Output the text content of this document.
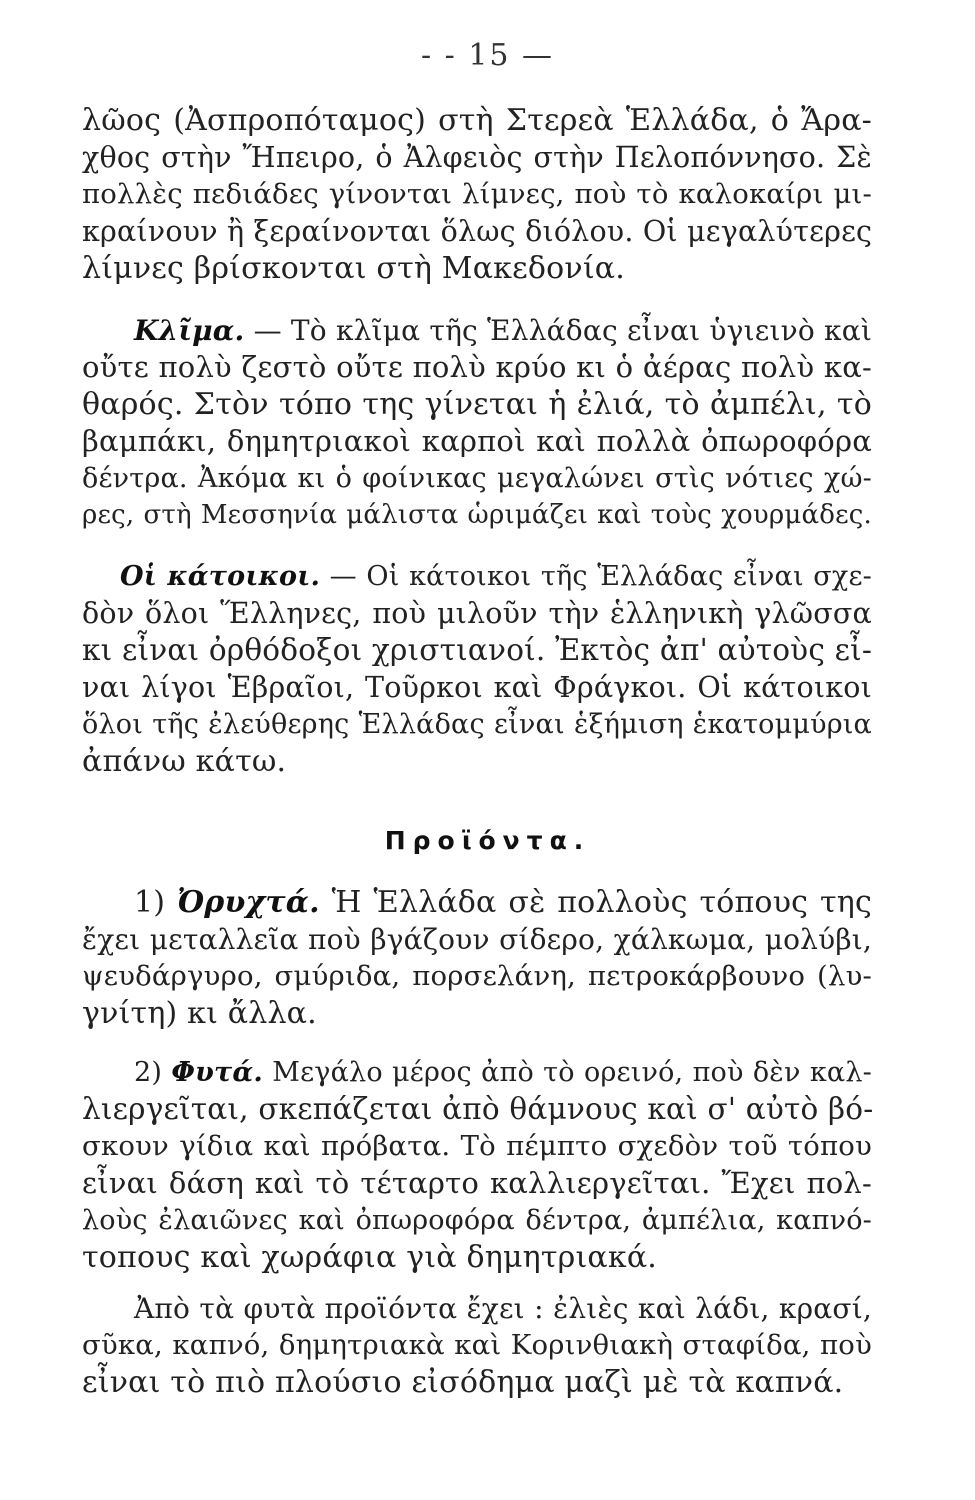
- - 15 —
λῶος (Ἀσπροπόταμος) στὴ Στερεὰ Ἑλλάδα, ὁ Ἄρα-
χθος στὴν Ἤπειρο, ὁ Ἀλφειὸς στὴν Πελοπόννησο. Σὲ
πολλὲς πεδιάδες γίνονται λίμνες, ποὺ τὸ καλοκαίρι μι-
κραίνουν ἢ ξεραίνονται ὅλως διόλου. Οἱ μεγαλύτερες
λίμνες βρίσκονται στὴ Μακεδονία.
Κλῖμα. — Τὸ κλῖμα τῆς Ἑλλάδας εἶναι ὑγιεινὸ καὶ
οὔτε πολὺ ζεστὸ οὔτε πολὺ κρύο κι ὁ ἀέρας πολὺ κα-
θαρός. Στὸν τόπο της γίνεται ἡ ἐλιά, τὸ ἀμπέλι, τὸ
βαμπάκι, δημητριακοὶ καρποὶ καὶ πολλὰ ὀπωροφόρα
δέντρα. Ἀκόμα κι ὁ φοίνικας μεγαλώνει στὶς νότιες χώ-
ρες, στὴ Μεσσηνία μάλιστα ὡριμάζει καὶ τοὺς χουρμάδες.
Οἱ κάτοικοι. — Οἱ κάτοικοι τῆς Ἑλλάδας εἶναι σχε-
δὸν ὅλοι Ἕλληνες, ποὺ μιλοῦν τὴν ἑλληνικὴ γλῶσσα
κι εἶναι ὀρθόδοξοι χριστιανοί. Ἐκτὸς ἀπ' αὐτοὺς εἶ-
ναι λίγοι Ἑβραῖοι, Τοῦρκοι καὶ Φράγκοι. Οἱ κάτοικοι
ὅλοι τῆς ἐλεύθερης Ἑλλάδας εἶναι ἑξήμιση ἑκατομμύρια
ἀπάνω κάτω.
Προϊόντα.
1) Ὀρυχτά. Ἡ Ἑλλάδα σὲ πολλοὺς τόπους της
ἔχει μεταλλεῖα ποὺ βγάζουν σίδερο, χάλκωμα, μολύβι,
ψευδάργυρο, σμύριδα, πορσελάνη, πετροκάρβουνο (λυ-
γνίτη) κι ἄλλα.
2) Φυτά. Μεγάλο μέρος ἀπὸ τὸ ορεινό, ποὺ δὲν καλ-
λιεργεῖται, σκεπάζεται ἀπὸ θάμνους καὶ σ' αὐτὸ βό-
σκουν γίδια καὶ πρόβατα. Τὸ πέμπτο σχεδὸν τοῦ τόπου
εἶναι δάση καὶ τὸ τέταρτο καλλιεργεῖται. Ἔχει πολ-
λοὺς ἐλαιῶνες καὶ ὀπωροφόρα δέντρα, ἀμπέλια, καπνό-
τοπους καὶ χωράφια γιὰ δημητριακά.
Ἀπὸ τὰ φυτὰ προϊόντα ἔχει : ἐλιὲς καὶ λάδι, κρασί,
σῦκα, καπνό, δημητριακὰ καὶ Κορινθιακὴ σταφίδα, ποὺ
εἶναι τὸ πιὸ πλούσιο εἰσόδημα μαζὶ μὲ τὰ καπνά.
